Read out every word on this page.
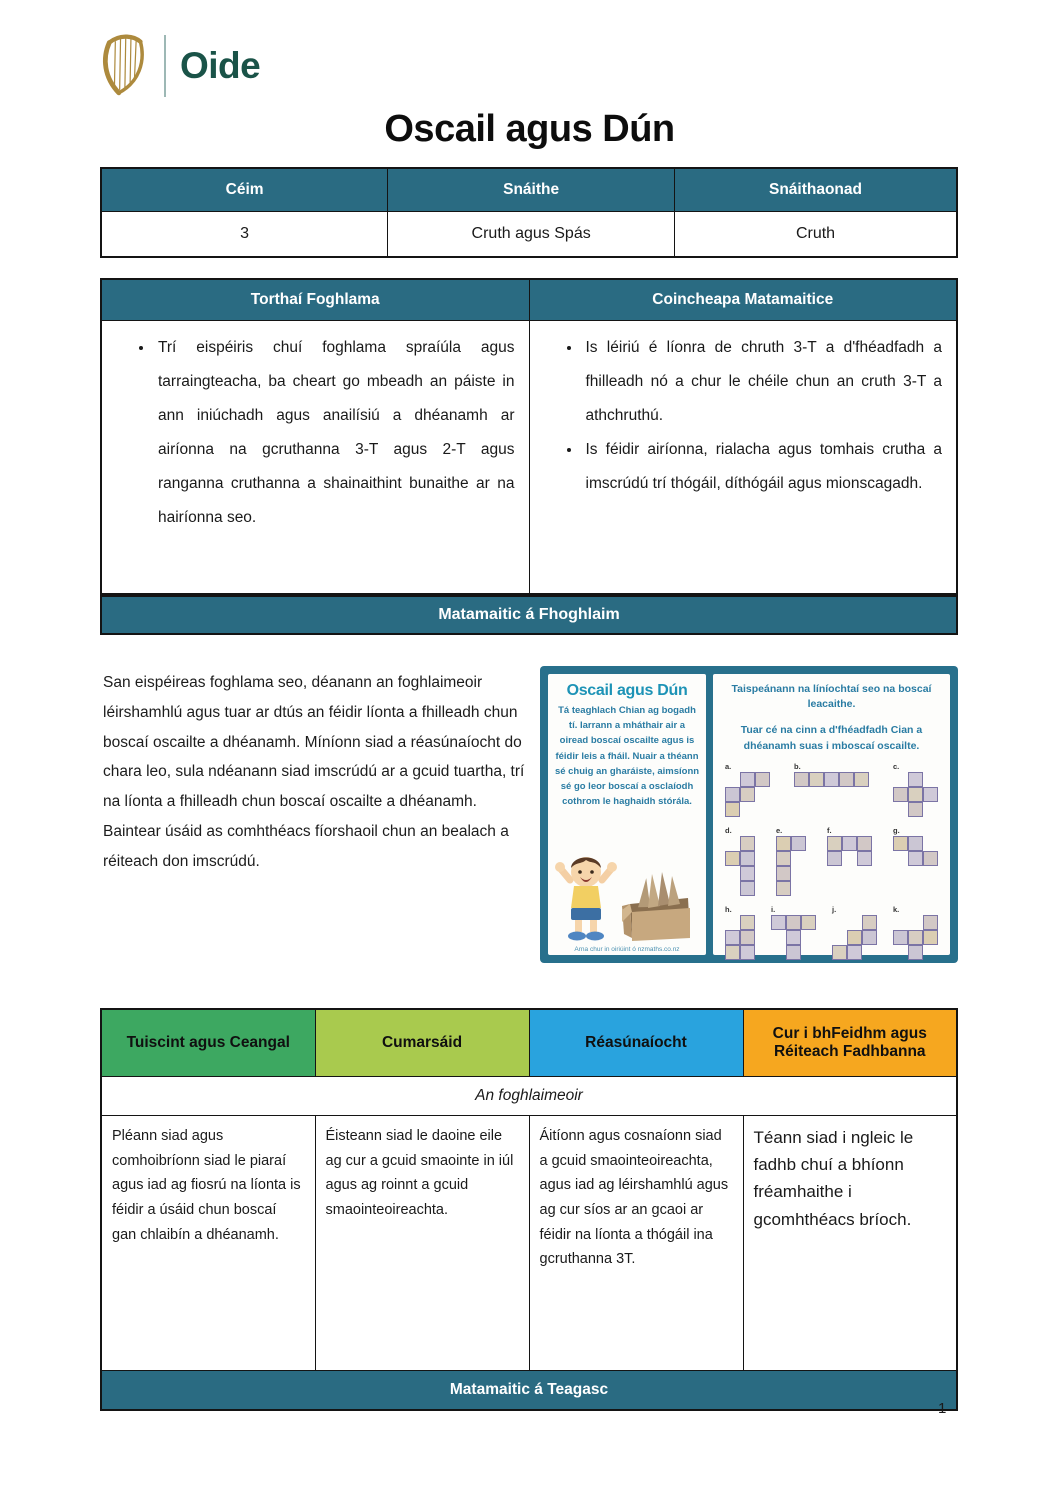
Oide
Oscail agus Dún
Céim	Snáithe	Snáithaonad
3	Cruth agus Spás	Cruth
Torthaí Foghlama	Coincheapa Matamaitice

• Trí eispéiris chuí foghlama spraíúla agus tarraingteacha, ba cheart go mbeadh an páiste in ann iniúchadh agus anailísiú a dhéanamh ar airíonna na gcruthanna 3-T agus 2-T agus ranganna cruthanna a shainaithint bunaithe ar na hairíonna seo.

• Is léiriú é líonra de chruth 3-T a d'fhéadfadh a fhilleadh nó a chur le chéile chun an cruth 3-T a athchruthú.
• Is féidir airíonna, rialacha agus tomhais crutha a imscrúdú trí thógáil, díthógáil agus mionscagadh.
Matamaitic á Fhoghlaim
San eispéireas foghlama seo, déanann an foghlaimeoir léirshamhlú agus tuar ar dtús an féidir líonta a fhilleadh chun boscaí oscailte a dhéanamh. Míníonn siad a réasúnaíocht do chara leo, sula ndéanann siad imscrúdú ar a gcuid tuartha, trí na líonta a fhilleadh chun boscaí oscailte a dhéanamh. Baintear úsáid as comhthéacs fíorshaoil chun an bealach a réiteach don imscrúdú.
Oscail agus Dún
Tá teaghlach Chian ag bogadh tí. Iarrann a mháthair air a oiread boscaí oscailte agus is féidir leis a fháil. Nuair a théann sé chuig an gharáiste, aimsíonn sé go leor boscaí a osclaíodh cothrom le haghaidh stórála.
Arna chur in oiriúint ó nzmaths.co.nz
Taispeánann na líníochtaí seo na boscaí leacaithe.
Tuar cé na cinn a d'fhéadfadh Cian a dhéanamh suas i mboscaí oscailte.
a.	b.	c.
d.	e.	f.	g.
h.	i.	j.	k.
Tuiscint agus Ceangal	Cumarsáid	Réasúnaíocht	Cur i bhFeidhm agus Réiteach Fadhbanna
An foghlaimeoir			
Pléann siad agus comhoibríonn siad le piaraí agus iad ag fiosrú na líonta is féidir a úsáid chun boscaí gan chlaibín a dhéanamh.	Éisteann siad le daoine eile ag cur a gcuid smaointe in iúl agus ag roinnt a gcuid smaointeoireachta.	Áitíonn agus cosnaíonn siad a gcuid smaointeoireachta, agus iad ag léirshamhlú agus ag cur síos ar an gcaoi ar féidir na líonta a thógáil ina gcruthanna 3T.	Téann siad i ngleic le fadhb chuí a bhíonn fréamhaithe i gcomhthéacs bríoch.
Matamaitic á Teagasc			
1
